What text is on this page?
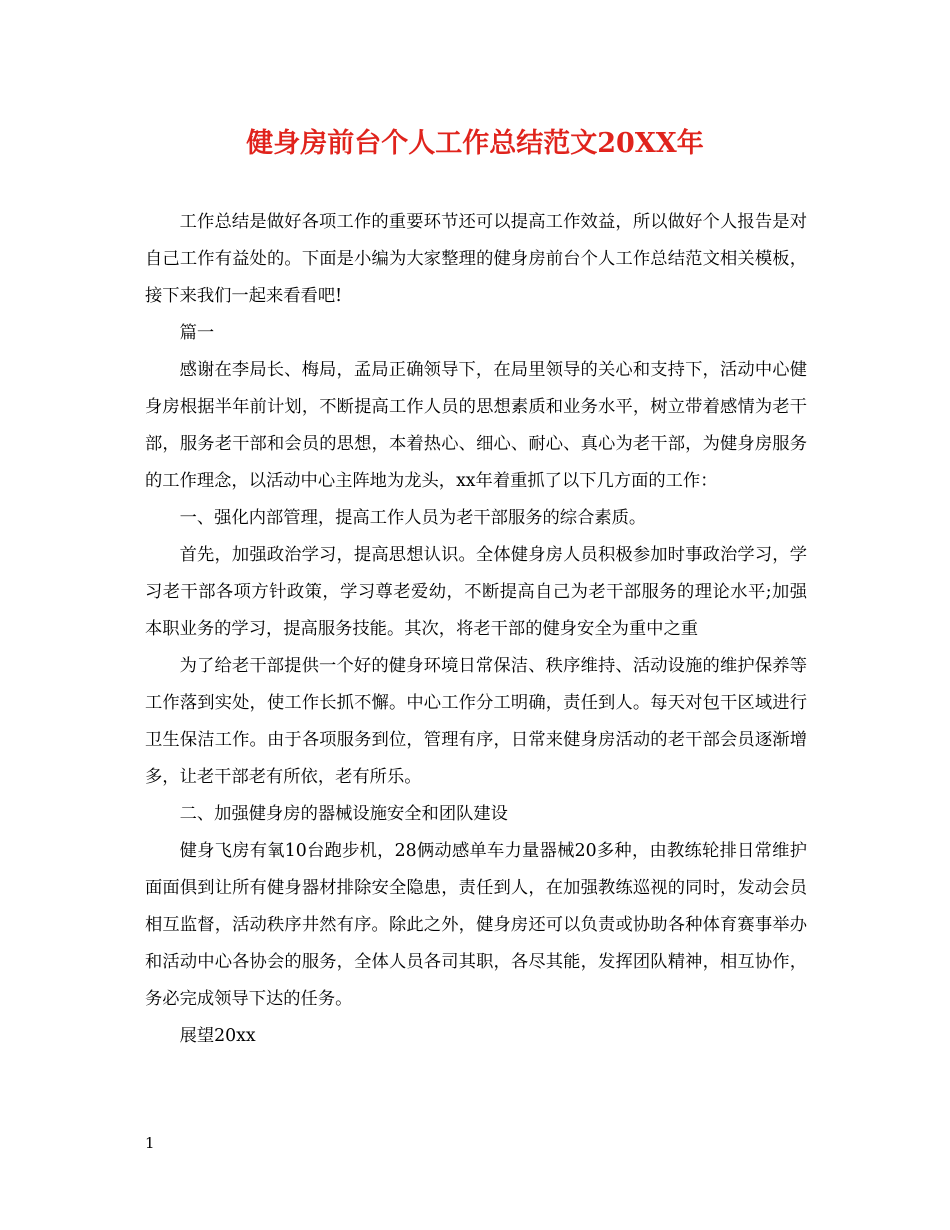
健身房前台个人工作总结范文20XX年

工作总结是做好各项工作的重要环节还可以提高工作效益，所以做好个人报告是对自己工作有益处的。下面是小编为大家整理的健身房前台个人工作总结范文相关模板，接下来我们一起来看看吧!

篇一

感谢在李局长、梅局，孟局正确领导下，在局里领导的关心和支持下，活动中心健身房根据半年前计划，不断提高工作人员的思想素质和业务水平，树立带着感情为老干部，服务老干部和会员的思想，本着热心、细心、耐心、真心为老干部，为健身房服务的工作理念，以活动中心主阵地为龙头，xx年着重抓了以下几方面的工作：

一、强化内部管理，提高工作人员为老干部服务的综合素质。

首先，加强政治学习，提高思想认识。全体健身房人员积极参加时事政治学习，学习老干部各项方针政策，学习尊老爱幼，不断提高自己为老干部服务的理论水平;加强本职业务的学习，提高服务技能。其次，将老干部的健身安全为重中之重

为了给老干部提供一个好的健身环境日常保洁、秩序维持、活动设施的维护保养等工作落到实处，使工作长抓不懈。中心工作分工明确，责任到人。每天对包干区域进行卫生保洁工作。由于各项服务到位，管理有序，日常来健身房活动的老干部会员逐渐增多，让老干部老有所依，老有所乐。

二、加强健身房的器械设施安全和团队建设

健身飞房有氧10台跑步机，28俩动感单车力量器械20多种，由教练轮排日常维护面面俱到让所有健身器材排除安全隐患，责任到人，在加强教练巡视的同时，发动会员相互监督，活动秩序井然有序。除此之外，健身房还可以负责或协助各种体育赛事举办和活动中心各协会的服务，全体人员各司其职，各尽其能，发挥团队精神，相互协作，务必完成领导下达的任务。

展望20xx

1
